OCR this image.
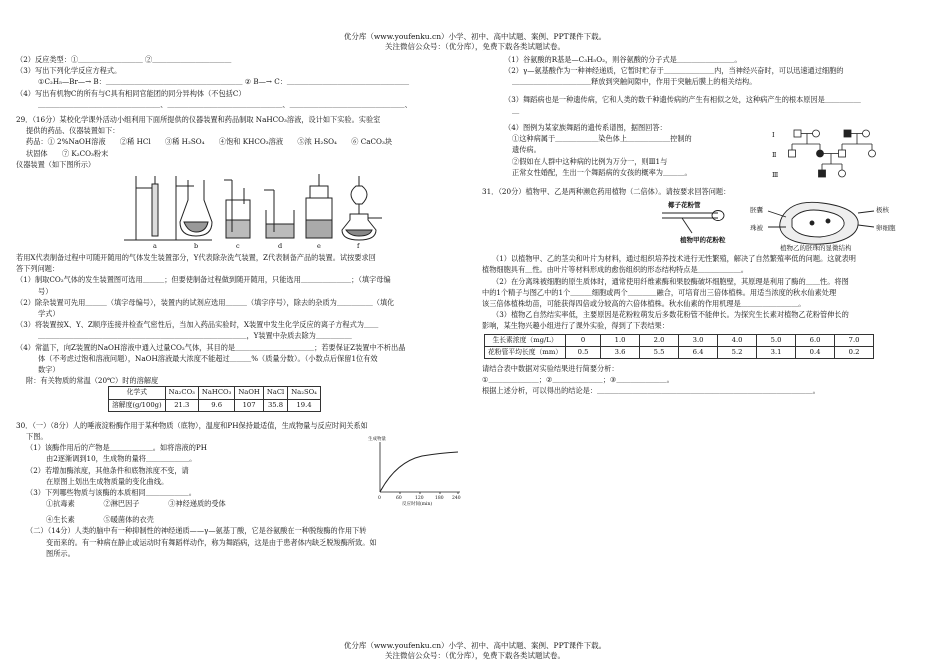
优分库（www.youfenku.cn）小学、初中、高中试题、案例、PPT课件下载。
关注微信公众号：（优分库），免费下载各类试题试卷。
（2）反应类型：①＿＿＿＿＿＿＿＿＿ ②＿＿＿＿＿＿＿＿＿＿＿
（3）写出下列化学反应方程式。
①C₂H₅—Br—→ B：＿＿＿＿＿＿＿＿＿＿＿＿＿＿＿＿＿＿＿ ② B—→ C：＿＿＿＿＿＿＿＿＿＿＿＿＿＿＿＿＿
（4）写出有机物C的所有与C具有相同官能团的同分异构体（不包括C）
＿＿＿＿＿＿＿＿＿＿＿＿＿＿＿＿＿、＿＿＿＿＿＿＿＿＿＿＿＿＿＿＿＿、＿＿＿＿＿＿＿＿＿＿＿＿＿＿＿＿、
29．（16分）某校化学课外活动小组利用下面所提供的仪器装置和药品制取 NaHCO₃溶液，设计如下实验。实验室
提供的药品、仪器装置如下：
药品：① 2%NaOH溶液　　②稀 HCl　　③稀 H₂SO₄　　④饱和 KHCO₃溶液　　⑤浓 H₂SO₄　　⑥ CaCO₃块
状固体　　⑦ K₂CO₃粉末
仪器装置（如下图所示）
a	b	c	d	e	f
若用X代表制备过程中可随开随用的气体发生装置部分，Y代表除杂洗气装置，Z代表制备产品的装置。试按要求回
答下列问题：
（1）制取CO₂气体的发生装置图可选用＿＿＿；但要使制备过程做到随开随用，只能选用＿＿＿＿＿＿＿；（填字母编
号）
（2）除杂装置可先用＿＿＿（填字母编号），装置内的试剂应选用＿＿＿（填字序号），除去的杂质为＿＿＿＿＿（填化
学式）
（3）将装置按X、Y、Z顺序连接并检查气密性后，当加入药品实验时，X装置中发生化学反应的离子方程式为＿＿
＿＿＿＿＿＿＿＿＿＿＿＿＿＿＿＿＿＿＿＿＿＿＿＿＿＿＿＿＿，Y装置中杂质去除为＿＿＿＿＿
（4）常温下，向Z装置的NaOH溶液中通入过量CO₂气体，其目的是＿＿＿＿＿＿＿＿＿＿＿；若要保证Z装置中不析出晶
体（不考虑过饱和溶液问题），NaOH溶液最大浓度不能超过＿＿＿%（质量分数）。（小数点后保留1位有效
数字）
附：有关物质的常温（20℃）时的溶解度
化学式	Na₂CO₃	NaHCO₃	NaOH	NaCl	Na₂SO₄
溶解度(g/100g)	21.3	9.6	107	35.8	19.4
30．（一）（8分）人的唾液淀粉酶作用于某种物质（底物），温度和PH保持最适值，生成物量与反应时间关系如
下图。
（1）该酶作用后的产物是＿＿＿＿＿＿。如将溶液的PH
由2逐渐调到10，生成物的量将＿＿＿＿＿＿。
（2）若增加酶浓度，其他条件和底物浓度不变，请
在原图上划出生成物质量的变化曲线。
（3）下列哪些物质与该酶的本质相同＿＿＿＿＿＿。
①抗毒素　　　　②淋巴因子　　　　③神经递质的受体
生成物量
0	60	120	180 240
反应时间(min)
④生长素　　　　⑤暖菌体的衣壳
（二）（14分）人类的脑中有一种抑制性的神经递质——γ—氨基丁酸，它是谷氨酸在一种脱羧酶的作用下转
变而来的。有一种病在静止或运动时有舞蹈样动作，称为舞蹈病，这是由于患者体内缺乏脱羧酶所致。如
图所示。
（1）谷氨酸的R基是—C₃H₅O₂，则谷氨酸的分子式是＿＿＿＿＿＿＿＿。
（2）γ—氨基酸作为一种神经递质，它暂时贮存于＿＿＿＿＿＿＿内，当神经兴奋时，可以迅速通过细胞的
＿＿＿＿＿＿＿＿＿＿＿释放到突触间隙中，作用于突触后膜上的相关结构。
（3）舞蹈病也是一种遗传病，它和人类的数千种遗传病的产生有相似之处，这种病产生的根本原因是＿＿＿＿＿
＿
（4）图例为某家族舞蹈的遗传系谱图，据图回答：
①这种病属于＿＿＿＿＿＿染色体上＿＿＿＿＿＿控制的
遗传病。
②假如在人群中这种病的比例为万分一，则Ⅲ1与
正常女性婚配，生出一个舞蹈病的女孩的概率为＿＿＿。
Ⅰ
Ⅱ
Ⅲ
31．（20分）植物甲、乙是两种濒危药用植物（二倍体）。请按要求回答问题：
椰子花粉管
植物甲的花粉粒
胚囊
珠被
极核
卵细胞
植物乙的胚珠的显微结构
（1）以植物甲、乙的茎尖和叶片为材料，通过组织培养技术进行无性繁殖，解决了自然繁殖率低的问题。这就表明
植物细胞具有＿性。由叶片等材料形成的愈伤组织的形态结构特点是＿＿＿＿＿＿。
（2）在分离珠被细胞的原生质体时，通常使用纤维素酶和果胶酶破坏细胞壁，其原理是利用了酶的＿＿性。将图
中的1个精子与图乙中的1个＿＿＿细胞或两个＿＿＿＿融合，可培育出三倍体植株。用适当浓度的秋水仙素处理
该三倍体植株幼苗，可能获得四倍或分较高的六倍体植株。秋水仙素的作用机理是＿＿＿＿＿＿＿＿。
（3）植物乙自然结实率低，主要原因是花粉粒萌发后多数花粉管不能伸长。为探究生长素对植物乙花粉管伸长的
影响，某生物兴趣小组进行了课外实验，得到了下表结果：
生长素浓度（mg/L）	0	1.0	2.0	3.0	4.0	5.0	6.0	7.0
花粉管平均长度（mm）	0.5	3.6	5.5	6.4	5.2	3.1	0.4	0.2
请结合表中数据对实验结果进行简要分析：
①＿＿＿＿＿＿＿；②＿＿＿＿＿＿＿；③＿＿＿＿＿＿＿。
根据上述分析，可以得出的结论是：＿＿＿＿＿＿＿＿＿＿＿＿＿＿＿＿＿＿＿＿＿＿＿＿＿＿＿＿＿＿。
优分库（www.youfenku.cn）小学、初中、高中试题、案例、PPT课件下载。
关注微信公众号：（优分库），免费下载各类试题试卷。
